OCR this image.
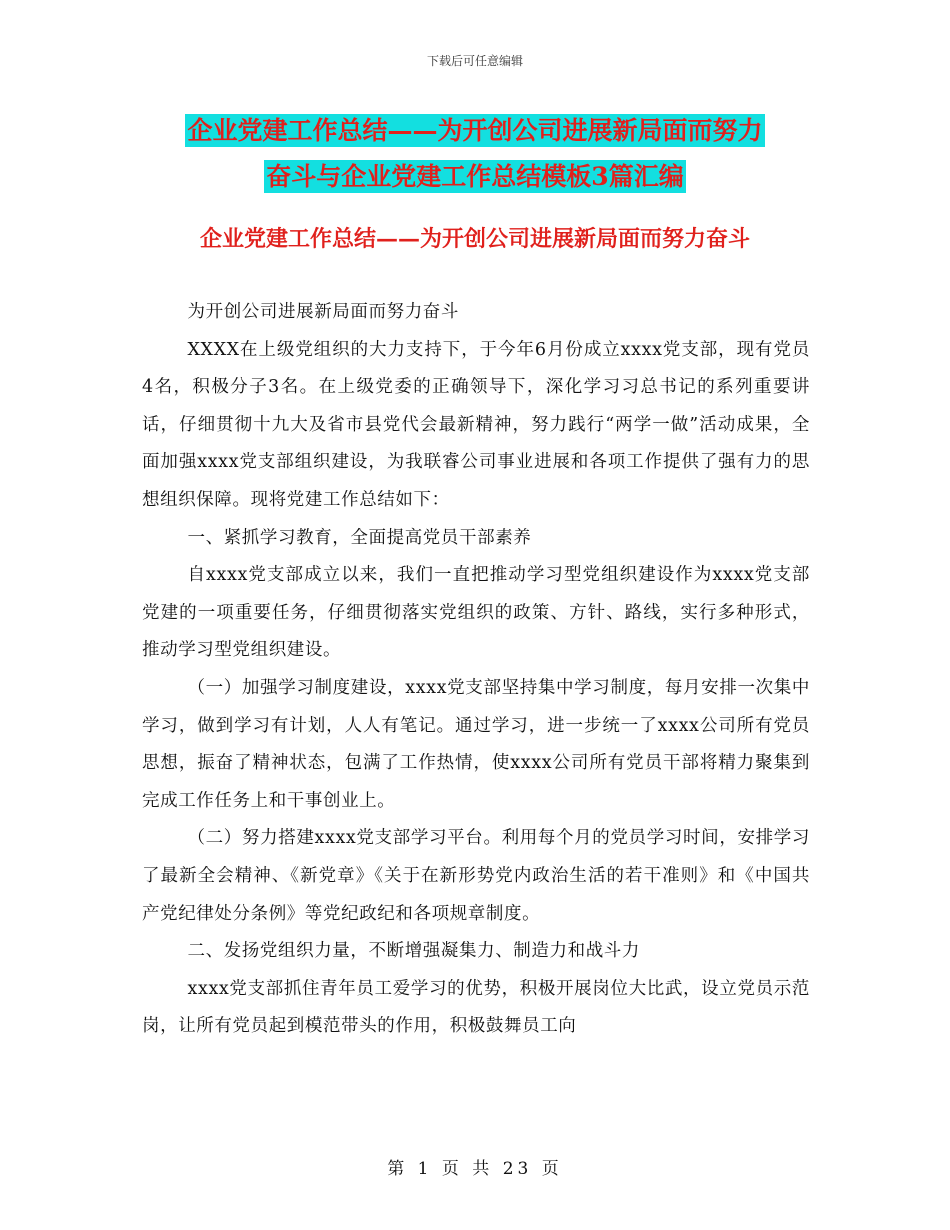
下载后可任意编辑
企业党建工作总结——为开创公司进展新局面而努力
奋斗与企业党建工作总结模板3篇汇编
企业党建工作总结——为开创公司进展新局面而努力奋斗

为开创公司进展新局面而努力奋斗

XXXX在上级党组织的大力支持下，于今年6月份成立xxxx党支部，现有党员4名，积极分子3名。在上级党委的正确领导下，深化学习习总书记的系列重要讲话，仔细贯彻十九大及省市县党代会最新精神，努力践行“两学一做”活动成果，全面加强xxxx党支部组织建设，为我联睿公司事业进展和各项工作提供了强有力的思想组织保障。现将党建工作总结如下：

一、紧抓学习教育，全面提高党员干部素养

自xxxx党支部成立以来，我们一直把推动学习型党组织建设作为xxxx党支部党建的一项重要任务，仔细贯彻落实党组织的政策、方针、路线，实行多种形式，推动学习型党组织建设。

（一）加强学习制度建设，xxxx党支部坚持集中学习制度，每月安排一次集中学习，做到学习有计划，人人有笔记。通过学习，进一步统一了xxxx公司所有党员思想，振奋了精神状态，包满了工作热情，使xxxx公司所有党员干部将精力聚集到完成工作任务上和干事创业上。

（二）努力搭建xxxx党支部学习平台。利用每个月的党员学习时间，安排学习了最新全会精神、《新党章》《关于在新形势党内政治生活的若干准则》和《中国共产党纪律处分条例》等党纪政纪和各项规章制度。

二、发扬党组织力量，不断增强凝集力、制造力和战斗力

xxxx党支部抓住青年员工爱学习的优势，积极开展岗位大比武，设立党员示范岗，让所有党员起到模范带头的作用，积极鼓舞员工向

第 1 页 共 23 页
